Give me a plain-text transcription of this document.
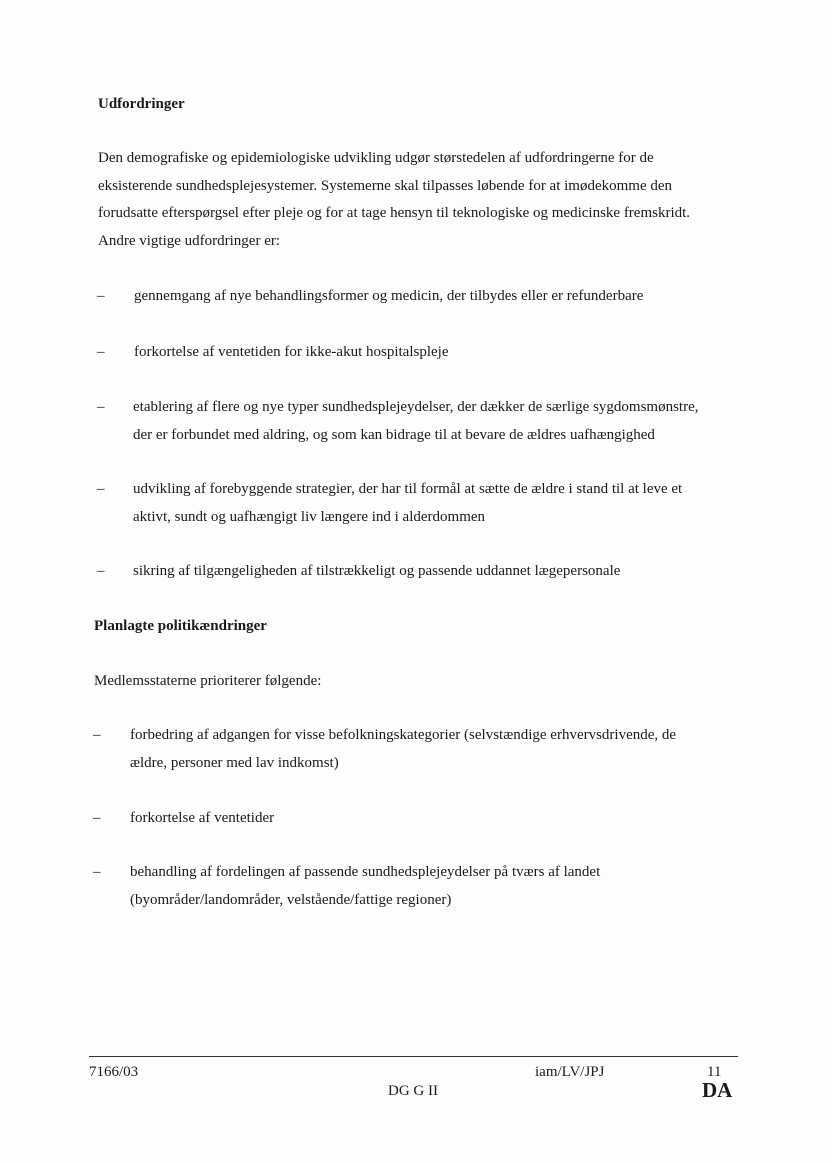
Udfordringer
Den demografiske og epidemiologiske udvikling udgør størstedelen af udfordringerne for de
eksisterende sundhedsplejesystemer. Systemerne skal tilpasses løbende for at imødekomme den
forudsatte efterspørgsel efter pleje og for at tage hensyn til teknologiske og medicinske fremskridt.
Andre vigtige udfordringer er:
– gennemgang af nye behandlingsformer og medicin, der tilbydes eller er refunderbare
– forkortelse af ventetiden for ikke-akut hospitalspleje
– etablering af flere og nye typer sundhedsplejeydelser, der dækker de særlige sygdomsmønstre,
der er forbundet med aldring, og som kan bidrage til at bevare de ældres uafhængighed
– udvikling af forebyggende strategier, der har til formål at sætte de ældre i stand til at leve et
aktivt, sundt og uafhængigt liv længere ind i alderdommen
– sikring af tilgængeligheden af tilstrækkeligt og passende uddannet lægepersonale
Planlagte politikændringer
Medlemsstaterne prioriterer følgende:
– forbedring af adgangen for visse befolkningskategorier (selvstændige erhvervsdrivende, de
ældre, personer med lav indkomst)
– forkortelse af ventetider
– behandling af fordelingen af passende sundhedsplejeydelser på tværs af landet
(byområder/landområder, velstående/fattige regioner)
7166/03	iam/LV/JPJ	11
DG G II	DA
